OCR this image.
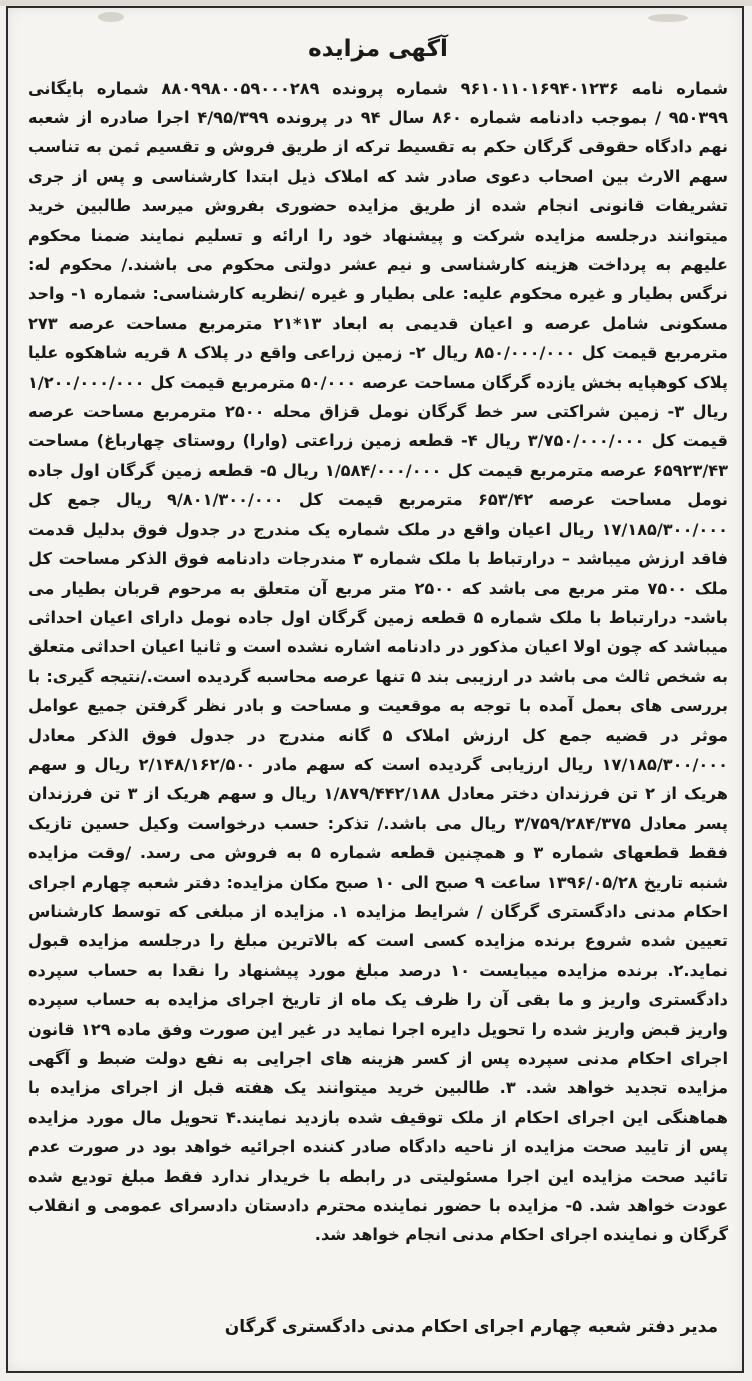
آگهی مزایده

شماره نامه ۹۶۱۰۱۱۰۱۶۹۴۰۱۲۳۶ شماره پرونده ۸۸۰۹۹۸۰۰۵۹۰۰۰۲۸۹ شماره بایگانی ۹۵۰۳۹۹ / بموجب دادنامه شماره ۸۶۰ سال ۹۴ در پرونده ۴/۹۵/۳۹۹ اجرا صادره از شعبه نهم دادگاه حقوقی گرگان حکم به تقسیط ترکه از طریق فروش و تقسیم ثمن به تناسب سهم الارث بین اصحاب دعوی صادر شد که املاک ذیل ابتدا کارشناسی و پس از جری تشریفات قانونی انجام شده از طریق مزایده حضوری بفروش میرسد طالبین خرید میتوانند درجلسه مزایده شرکت و پیشنهاد خود را ارائه و تسلیم نمایند ضمنا محکوم علیهم به پرداخت هزینه کارشناسی و نیم عشر دولتی محکوم می باشند./ محکوم له: نرگس بطیار و غیره محکوم علیه: علی بطیار و غیره /نظریه کارشناسی: شماره ۱- واحد مسکونی شامل عرصه و اعیان قدیمی به ابعاد ۱۳*۲۱ مترمربع مساحت عرصه ۲۷۳ مترمربع قیمت کل ۸۵۰/۰۰۰/۰۰۰ ریال ۲- زمین زراعی واقع در پلاک ۸ قریه شاهکوه علیا پلاک کوهپایه بخش یازده گرگان مساحت عرصه ۵۰/۰۰۰ مترمربع قیمت کل ۱/۲۰۰/۰۰۰/۰۰۰ ریال ۳- زمین شراکتی سر خط گرگان نومل قزاق محله ۲۵۰۰ مترمربع مساحت عرصه قیمت کل ۳/۷۵۰/۰۰۰/۰۰۰ ریال ۴- قطعه زمین زراعتی (وارا) روستای چهارباغ) مساحت ۶۵۹۲۳/۴۳ عرصه مترمربع قیمت کل ۱/۵۸۴/۰۰۰/۰۰۰ ریال ۵- قطعه زمین گرگان اول جاده نومل مساحت عرصه ۶۵۳/۴۲ مترمربع قیمت کل ۹/۸۰۱/۳۰۰/۰۰۰ ریال جمع کل ۱۷/۱۸۵/۳۰۰/۰۰۰ ریال اعیان واقع در ملک شماره یک مندرج در جدول فوق بدلیل قدمت فاقد ارزش میباشد – درارتباط با ملک شماره ۳ مندرجات دادنامه فوق الذکر مساحت کل ملک ۷۵۰۰ متر مربع می باشد که ۲۵۰۰ متر مربع آن متعلق به مرحوم قربان بطیار می باشد- درارتباط با ملک شماره ۵ قطعه زمین گرگان اول جاده نومل دارای اعیان احداثی میباشد که چون اولا اعیان مذکور در دادنامه اشاره نشده است و ثانیا اعیان احداثی متعلق به شخص ثالث می باشد در ارزیبی بند ۵ تنها عرصه محاسبه گردیده است./نتیجه گیری: با بررسی های بعمل آمده با توجه به موقعیت و مساحت و بادر نظر گرفتن جمیع عوامل موثر در قضیه جمع کل ارزش املاک ۵ گانه مندرج در جدول فوق الذکر معادل ۱۷/۱۸۵/۳۰۰/۰۰۰ ریال ارزیابی گردیده است که سهم مادر ۲/۱۴۸/۱۶۲/۵۰۰ ریال و سهم هریک از ۲ تن فرزندان دختر معادل ۱/۸۷۹/۴۴۲/۱۸۸ ریال و سهم هریک از ۳ تن فرزندان پسر معادل ۳/۷۵۹/۲۸۴/۳۷۵ ریال می باشد./ تذکر: حسب درخواست وکیل حسین تازیک فقط قطعهای شماره ۳ و همچنین قطعه شماره ۵ به فروش می رسد. /وقت مزایده شنبه تاریخ ۱۳۹۶/۰۵/۲۸ ساعت ۹ صبح الی ۱۰ صبح مکان مزایده: دفتر شعبه چهارم اجرای احکام مدنی دادگستری گرگان / شرایط مزایده ۱. مزایده از مبلغی که توسط کارشناس تعیین شده شروع برنده مزایده کسی است که بالاترین مبلغ را درجلسه مزایده قبول نماید.۲. برنده مزایده میبایست ۱۰ درصد مبلغ مورد پیشنهاد را نقدا به حساب سپرده دادگستری واریز و ما بقی آن را ظرف یک ماه از تاریخ اجرای مزایده به حساب سپرده واریز قبض واریز شده را تحویل دایره اجرا نماید در غیر این صورت وفق ماده ۱۲۹ قانون اجرای احکام مدنی سپرده پس از کسر هزینه های اجرایی به نفع دولت ضبط و آگهی مزایده تجدید خواهد شد. ۳. طالبین خرید میتوانند یک هفته قبل از اجرای مزایده با هماهنگی این اجرای احکام از ملک توقیف شده بازدید نمایند.۴ تحویل مال مورد مزایده پس از تایید صحت مزایده از ناحیه دادگاه صادر کننده اجرائیه خواهد بود در صورت عدم تائید صحت مزایده این اجرا مسئولیتی در رابطه با خریدار ندارد فقط مبلغ تودیع شده عودت خواهد شد. ۵- مزایده با حضور نماینده محترم دادستان دادسرای عمومی و انقلاب گرگان و نماینده اجرای احکام مدنی انجام خواهد شد.

مدیر دفتر شعبه چهارم اجرای احکام مدنی دادگستری گرگان
